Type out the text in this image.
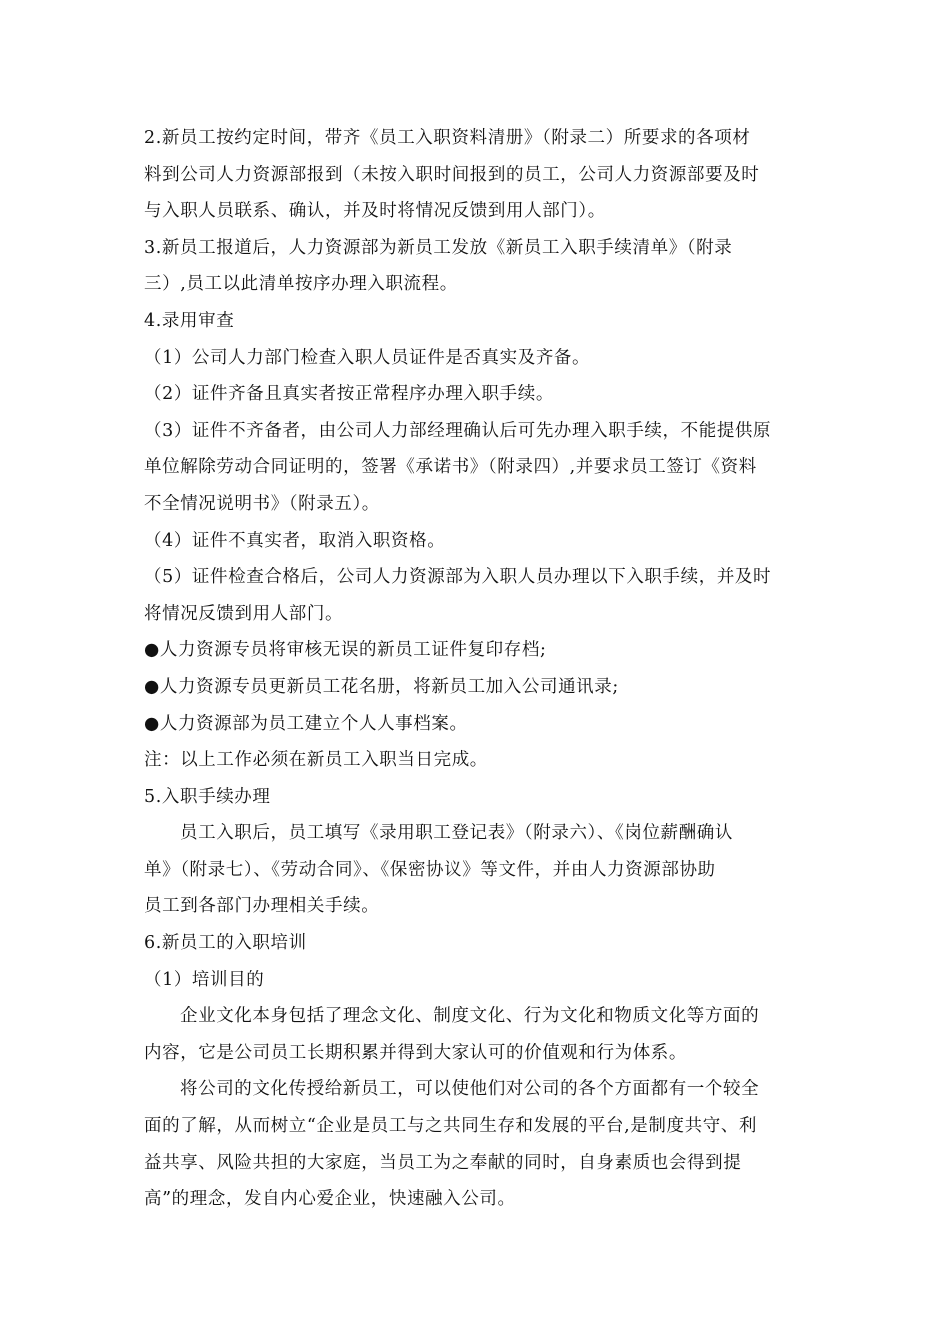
2.新员工按约定时间，带齐《员工入职资料清册》（附录二）所要求的各项材
料到公司人力资源部报到（未按入职时间报到的员工，公司人力资源部要及时
与入职人员联系、确认，并及时将情况反馈到用人部门）。
3.新员工报道后，人力资源部为新员工发放《新员工入职手续清单》（附录
三）,员工以此清单按序办理入职流程。
4.录用审查
（1）公司人力部门检查入职人员证件是否真实及齐备。
（2）证件齐备且真实者按正常程序办理入职手续。
（3）证件不齐备者，由公司人力部经理确认后可先办理入职手续，不能提供原
单位解除劳动合同证明的，签署《承诺书》（附录四）,并要求员工签订《资料
不全情况说明书》（附录五）。
（4）证件不真实者，取消入职资格。
（5）证件检查合格后，公司人力资源部为入职人员办理以下入职手续，并及时
将情况反馈到用人部门。
●人力资源专员将审核无误的新员工证件复印存档;
●人力资源专员更新员工花名册，将新员工加入公司通讯录;
●人力资源部为员工建立个人人事档案。
注：以上工作必须在新员工入职当日完成。
5.入职手续办理
员工入职后，员工填写《录用职工登记表》（附录六）、《岗位薪酬确认
单》（附录七）、《劳动合同》、《保密协议》等文件，并由人力资源部协助
员工到各部门办理相关手续。
6.新员工的入职培训
（1）培训目的
企业文化本身包括了理念文化、制度文化、行为文化和物质文化等方面的
内容，它是公司员工长期积累并得到大家认可的价值观和行为体系。
将公司的文化传授给新员工，可以使他们对公司的各个方面都有一个较全
面的了解，从而树立“企业是员工与之共同生存和发展的平台,是制度共守、利
益共享、风险共担的大家庭，当员工为之奉献的同时，自身素质也会得到提
高”的理念，发自内心爱企业，快速融入公司。
